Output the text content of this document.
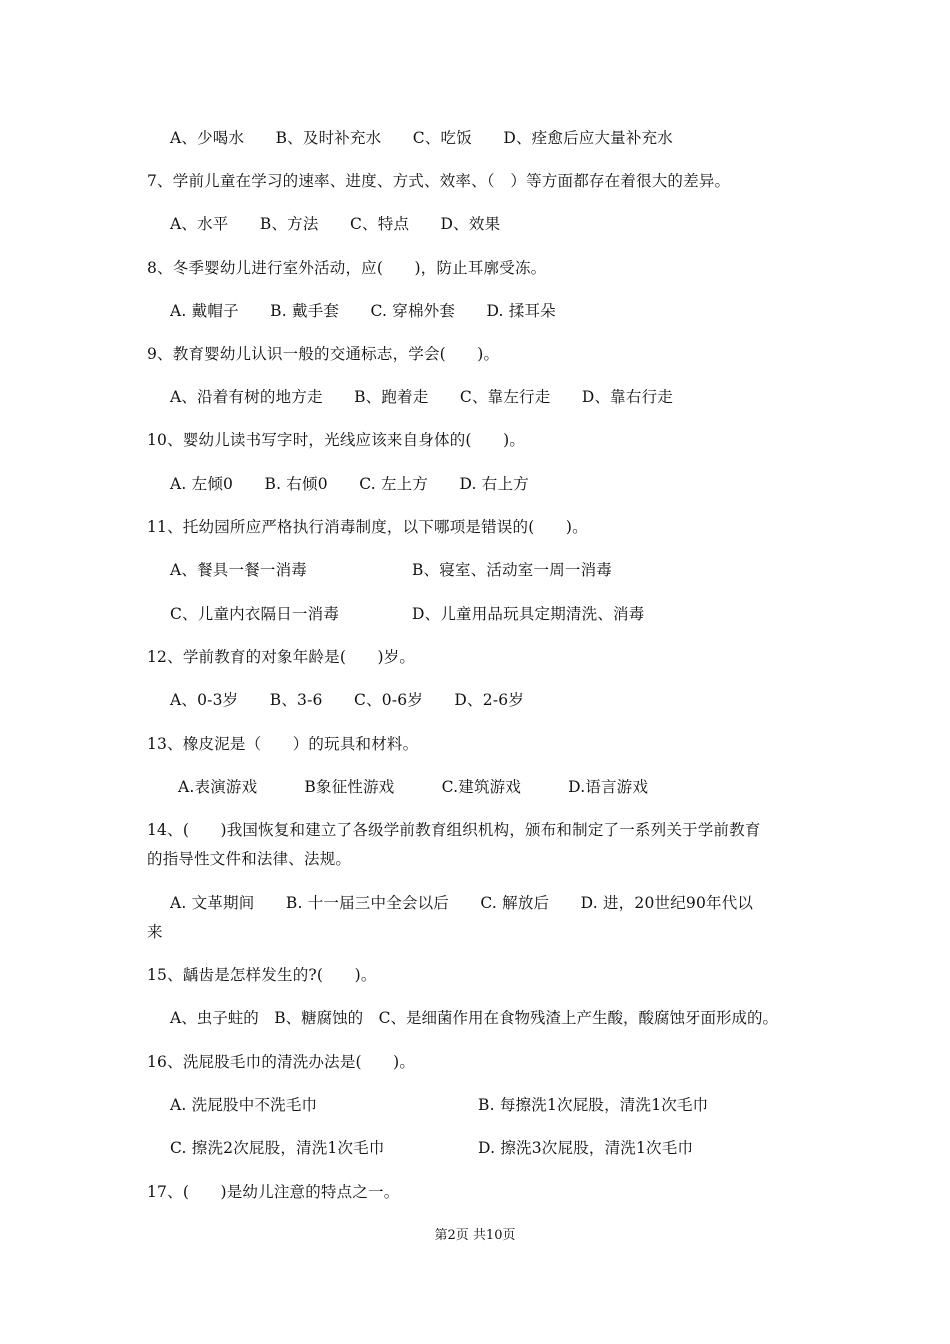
A、少喝水　　B、及时补充水　　C、吃饭　　D、痊愈后应大量补充水
7、学前儿童在学习的速率、进度、方式、效率、（　）等方面都存在着很大的差异。
A、水平　　B、方法　　C、特点　　D、效果
8、冬季婴幼儿进行室外活动，应(　　)，防止耳廓受冻。
A. 戴帽子　　B. 戴手套　　C. 穿棉外套　　D. 揉耳朵
9、教育婴幼儿认识一般的交通标志，学会(　　)。
A、沿着有树的地方走　　B、跑着走　　C、靠左行走　　D、靠右行走
10、婴幼儿读书写字时，光线应该来自身体的(　　)。
A. 左倾0　　B. 右倾0　　C. 左上方　　D. 右上方
11、托幼园所应严格执行消毒制度，以下哪项是错误的(　　)。
A、餐具一餐一消毒	B、寝室、活动室一周一消毒
C、儿童内衣隔日一消毒	D、儿童用品玩具定期清洗、消毒
12、学前教育的对象年龄是(　　)岁。
A、0-3岁　　B、3-6　　C、0-6岁　　D、2-6岁
13、橡皮泥是（　　）的玩具和材料。
A.表演游戏　　　B象征性游戏　　　C.建筑游戏　　　D.语言游戏
14、(　　)我国恢复和建立了各级学前教育组织机构，颁布和制定了一系列关于学前教育
的指导性文件和法律、法规。
A. 文革期间　　B. 十一届三中全会以后　　C. 解放后　　D. 进，20世纪90年代以
来
15、龋齿是怎样发生的?(　　)。
A、虫子蛀的　B、糖腐蚀的　C、是细菌作用在食物残渣上产生酸，酸腐蚀牙面形成的。
16、洗屁股毛巾的清洗办法是(　　)。
A. 洗屁股中不洗毛巾	B. 每擦洗1次屁股，清洗1次毛巾
C. 擦洗2次屁股，清洗1次毛巾	D. 擦洗3次屁股，清洗1次毛巾
17、(　　)是幼儿注意的特点之一。
第2页 共10页
